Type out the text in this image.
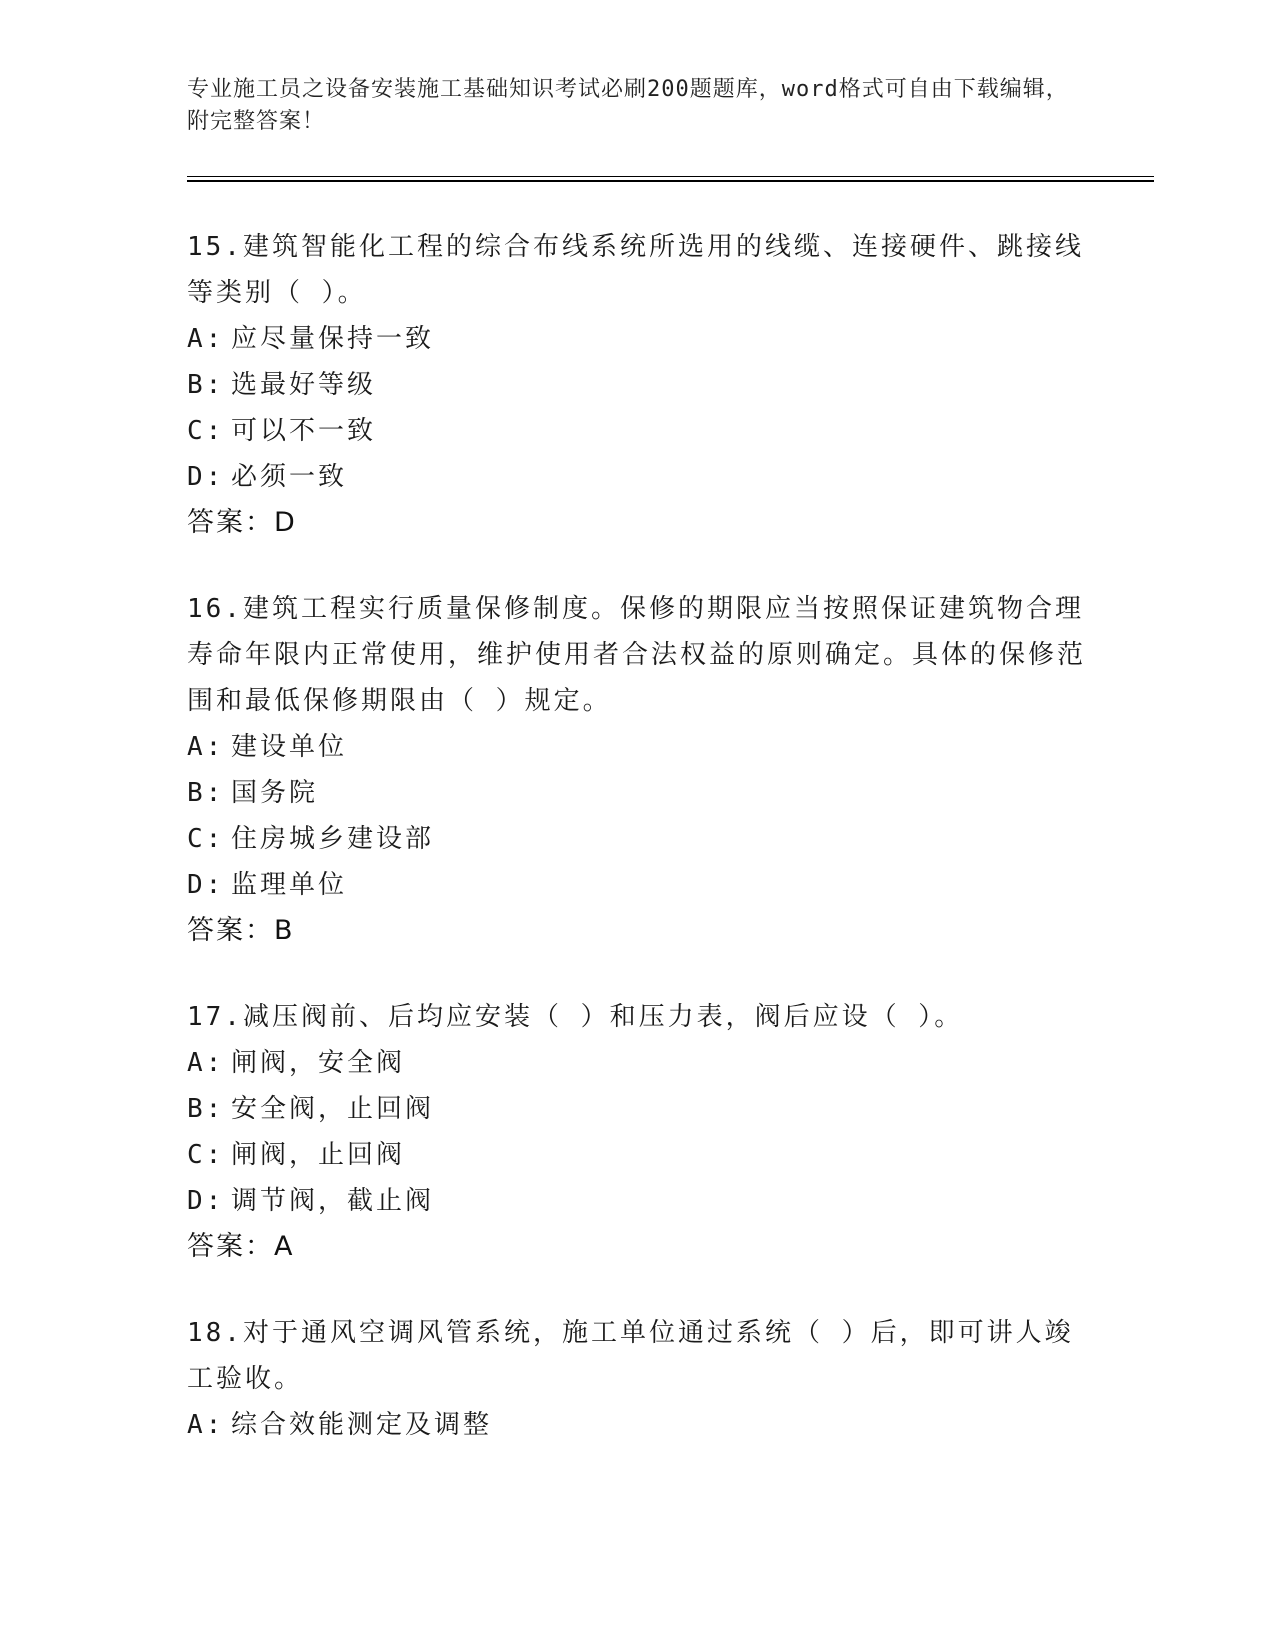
专业施工员之设备安装施工基础知识考试必刷200题题库，word格式可自由下载编辑，附完整答案！

15.建筑智能化工程的综合布线系统所选用的线缆、连接硬件、跳接线等类别（ ）。

A: 应尽量保持一致

B: 选最好等级

C: 可以不一致

D: 必须一致

答案：D

16.建筑工程实行质量保修制度。保修的期限应当按照保证建筑物合理寿命年限内正常使用，维护使用者合法权益的原则确定。具体的保修范围和最低保修期限由（ ）规定。

A: 建设单位

B: 国务院

C: 住房城乡建设部

D: 监理单位

答案：B

17.减压阀前、后均应安装（ ）和压力表，阀后应设（ ）。

A: 闸阀，安全阀

B: 安全阀，止回阀

C: 闸阀，止回阀

D: 调节阀，截止阀

答案：A

18.对于通风空调风管系统，施工单位通过系统（ ）后，即可讲人竣工验收。

A: 综合效能测定及调整
